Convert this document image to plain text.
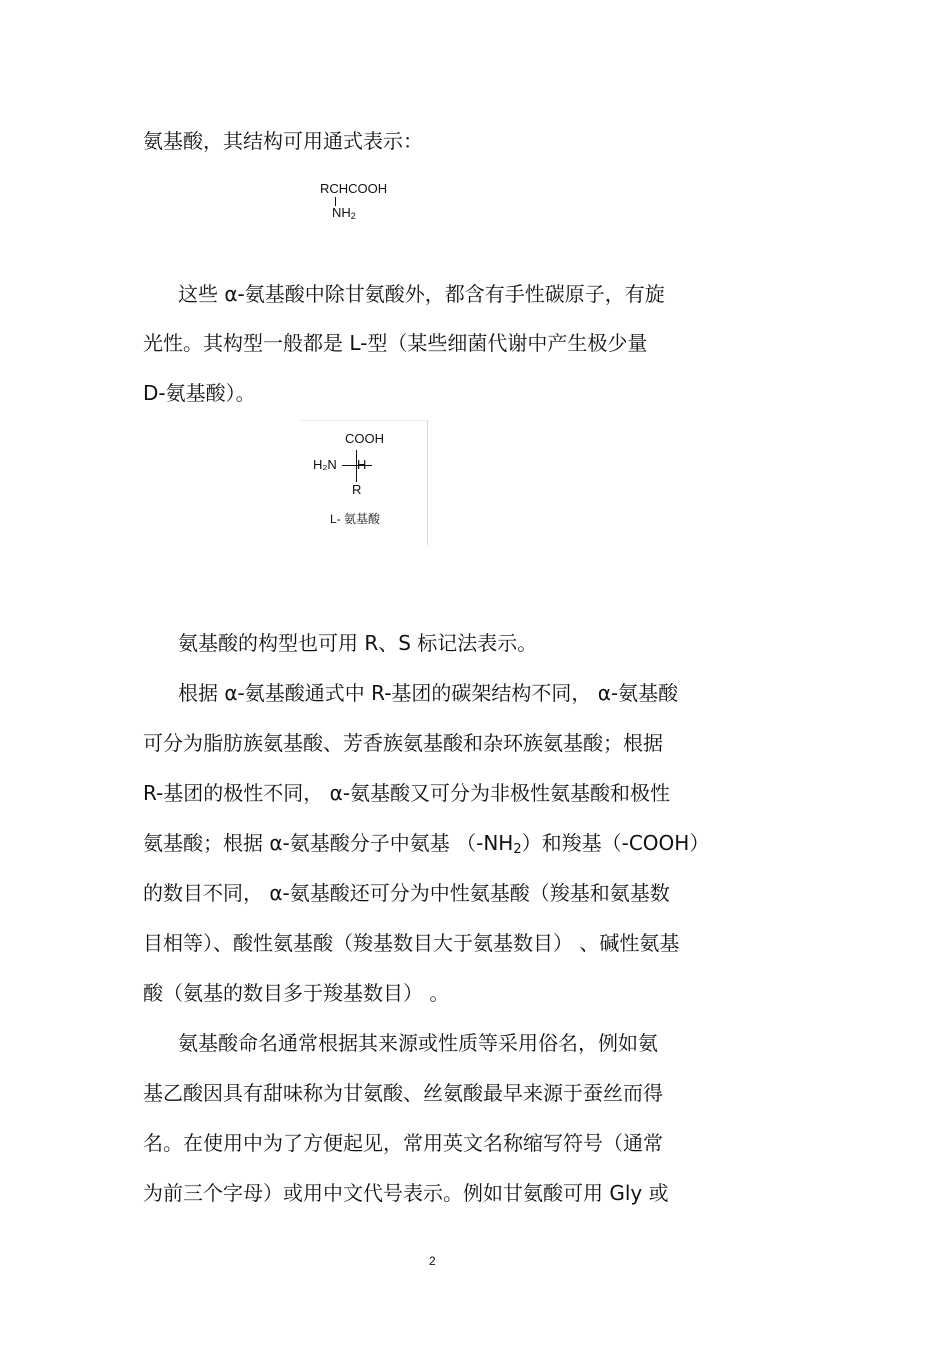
氨基酸，其结构可用通式表示：
RCHCOOH
$NH_2$
这些 α-氨基酸中除甘氨酸外，都含有手性碳原子，有旋
光性。其构型一般都是 L-型（某些细菌代谢中产生极少量
D-氨基酸）。
COOH
H₂N
R
L- 氨基酸
氨基酸的构型也可用 R、S 标记法表示。
根据 α-氨基酸通式中 R-基团的碳架结构不同， α-氨基酸
可分为脂肪族氨基酸、芳香族氨基酸和杂环族氨基酸；根据
R-基团的极性不同， α-氨基酸又可分为非极性氨基酸和极性
氨基酸；根据 α-氨基酸分子中氨基 $(-NH_2)$和羧基（-COOH）
的数目不同， α-氨基酸还可分为中性氨基酸（羧基和氨基数
目相等）、酸性氨基酸（羧基数目大于氨基数目） 、碱性氨基
酸（氨基的数目多于羧基数目） 。
氨基酸命名通常根据其来源或性质等采用俗名，例如氨
基乙酸因具有甜味称为甘氨酸、丝氨酸最早来源于蚕丝而得
名。在使用中为了方便起见，常用英文名称缩写符号（通常
为前三个字母）或用中文代号表示。例如甘氨酸可用 Gly 或
2
